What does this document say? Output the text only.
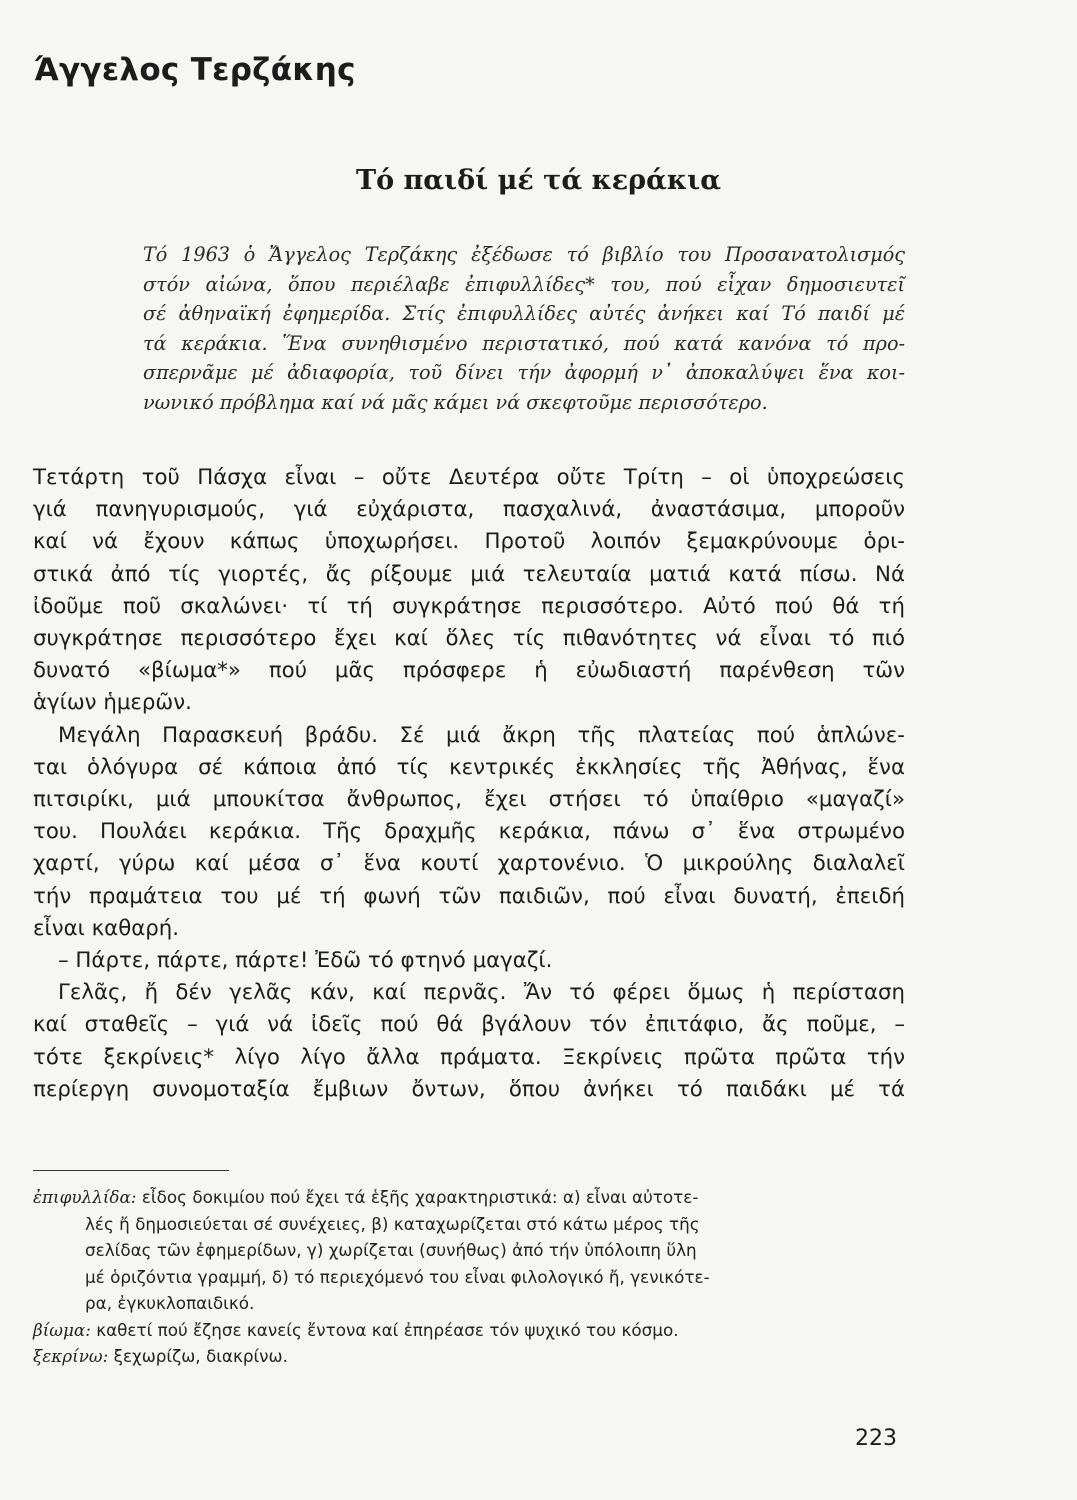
Άγγελος Τερζάκης
Τό παιδί μέ τά κεράκια
Τό 1963 ὁ Ἄγγελος Τερζάκης ἐξέδωσε τό βιβλίο του Προσανατολισμός
στόν αἰώνα, ὅπου περιέλαβε ἐπιφυλλίδες* του, πού εἶχαν δημοσιευτεῖ
σέ ἀθηναϊκή ἐφημερίδα. Στίς ἐπιφυλλίδες αὐτές ἀνήκει καί Τό παιδί μέ
τά κεράκια. Ἕνα συνηθισμένο περιστατικό, πού κατά κανόνα τό προ-
σπερνᾶμε μέ ἀδιαφορία, τοῦ δίνει τήν ἀφορμή ν᾿ ἀποκαλύψει ἕνα κοι-
νωνικό πρόβλημα καί νά μᾶς κάμει νά σκεφτοῦμε περισσότερο.
Τετάρτη τοῦ Πάσχα εἶναι – οὔτε Δευτέρα οὔτε Τρίτη – οἱ ὑποχρεώσεις
γιά πανηγυρισμούς, γιά εὐχάριστα, πασχαλινά, ἀναστάσιμα, μποροῦν
καί νά ἔχουν κάπως ὑποχωρήσει. Προτοῦ λοιπόν ξεμακρύνουμε ὁρι-
στικά ἀπό τίς γιορτές, ἄς ρίξουμε μιά τελευταία ματιά κατά πίσω. Νά
ἰδοῦμε ποῦ σκαλώνει· τί τή συγκράτησε περισσότερο. Αὐτό πού θά τή
συγκράτησε περισσότερο ἔχει καί ὅλες τίς πιθανότητες νά εἶναι τό πιό
δυνατό «βίωμα*» πού μᾶς πρόσφερε ἡ εὐωδιαστή παρένθεση τῶν
ἁγίων ἡμερῶν.
Μεγάλη Παρασκευή βράδυ. Σέ μιά ἄκρη τῆς πλατείας πού ἁπλώνε-
ται ὁλόγυρα σέ κάποια ἀπό τίς κεντρικές ἐκκλησίες τῆς Ἀθήνας, ἕνα
πιτσιρίκι, μιά μπουκίτσα ἄνθρωπος, ἔχει στήσει τό ὑπαίθριο «μαγαζί»
του. Πουλάει κεράκια. Τῆς δραχμῆς κεράκια, πάνω σ᾿ ἕνα στρωμένο
χαρτί, γύρω καί μέσα σ᾿ ἕνα κουτί χαρτονένιο. Ὁ μικρούλης διαλαλεῖ
τήν πραμάτεια του μέ τή φωνή τῶν παιδιῶν, πού εἶναι δυνατή, ἐπειδή
εἶναι καθαρή.
– Πάρτε, πάρτε, πάρτε! Ἐδῶ τό φτηνό μαγαζί.
Γελᾶς, ἤ δέν γελᾶς κάν, καί περνᾶς. Ἄν τό φέρει ὅμως ἡ περίσταση
καί σταθεῖς – γιά νά ἰδεῖς πού θά βγάλουν τόν ἐπιτάφιο, ἄς ποῦμε, –
τότε ξεκρίνεις* λίγο λίγο ἄλλα πράματα. Ξεκρίνεις πρῶτα πρῶτα τήν
περίεργη συνομοταξία ἔμβιων ὄντων, ὅπου ἀνήκει τό παιδάκι μέ τά
ἐπιφυλλίδα: εἶδος δοκιμίου πού ἔχει τά ἑξῆς χαρακτηριστικά: α) εἶναι αὐτοτε-
λές ἤ δημοσιεύεται σέ συνέχειες, β) καταχωρίζεται στό κάτω μέρος τῆς
σελίδας τῶν ἐφημερίδων, γ) χωρίζεται (συνήθως) ἀπό τήν ὑπόλοιπη ὕλη
μέ ὁριζόντια γραμμή, δ) τό περιεχόμενό του εἶναι φιλολογικό ἤ, γενικότε-
ρα, ἐγκυκλοπαιδικό.
βίωμα: καθετί πού ἔζησε κανείς ἔντονα καί ἐπηρέασε τόν ψυχικό του κόσμο.
ξεκρίνω: ξεχωρίζω, διακρίνω.
223
